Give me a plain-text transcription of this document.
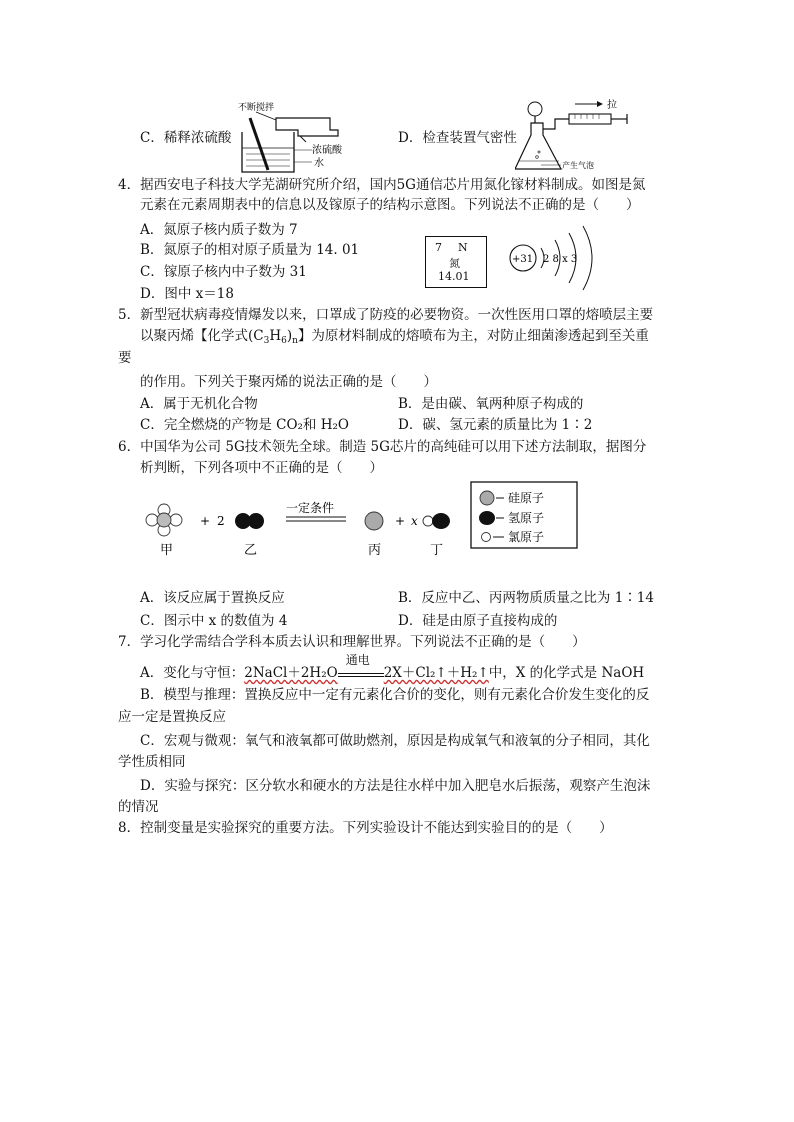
C．稀释浓硫酸
不断搅拌
浓硫酸
水
D．检查装置气密性
拉
产生气泡
4．据西安电子科技大学芜湖研究所介绍，国内5G通信芯片用氮化镓材料制成。如图是氮
元素在元素周期表中的信息以及镓原子的结构示意图。下列说法不正确的是（　　）
A．氮原子核内质子数为 7
B．氮原子的相对原子质量为 14. 01
C．镓原子核内中子数为 31
D．图中 x＝18
7 N
氮
14.01
+31 2 8 x 3
5．新型冠状病毒疫情爆发以来，口罩成了防疫的必要物资。一次性医用口罩的熔喷层主要
以聚丙烯【化学式$(C_3H_6)_n$】为原材料制成的熔喷布为主，对防止细菌渗透起到至关重
要
的作用。下列关于聚丙烯的说法正确的是（　　）
A．属于无机化合物	B．是由碳、氧两种原子构成的
C．完全燃烧的产物是 CO₂和 H₂O	D．碳、氢元素的质量比为 1∶2
6．中国华为公司 5G技术领先全球。制造 5G芯片的高纯硅可以用下述方法制取，据图分
析判断，下列各项中不正确的是（　　）
甲
+ 2
乙
一定条件
丙
+ x
丁
硅原子
氢原子
氯原子
A．该反应属于置换反应	B．反应中乙、丙两物质质量之比为 1∶14
C．图示中 x 的数值为 4	D．硅是由原子直接构成的
7．学习化学需结合学科本质去认识和理解世界。下列说法不正确的是（　　）
A．变化与守恒：2NaCl＋2H₂O
通电
2X＋Cl₂↑＋H₂↑中，X 的化学式是 NaOH
B．模型与推理：置换反应中一定有元素化合价的变化，则有元素化合价发生变化的反
应一定是置换反应
C．宏观与微观：氧气和液氧都可做助燃剂，原因是构成氧气和液氧的分子相同，其化
学性质相同
D．实验与探究：区分软水和硬水的方法是往水样中加入肥皂水后振荡，观察产生泡沫
的情况
8．控制变量是实验探究的重要方法。下列实验设计不能达到实验目的的是（　　）
